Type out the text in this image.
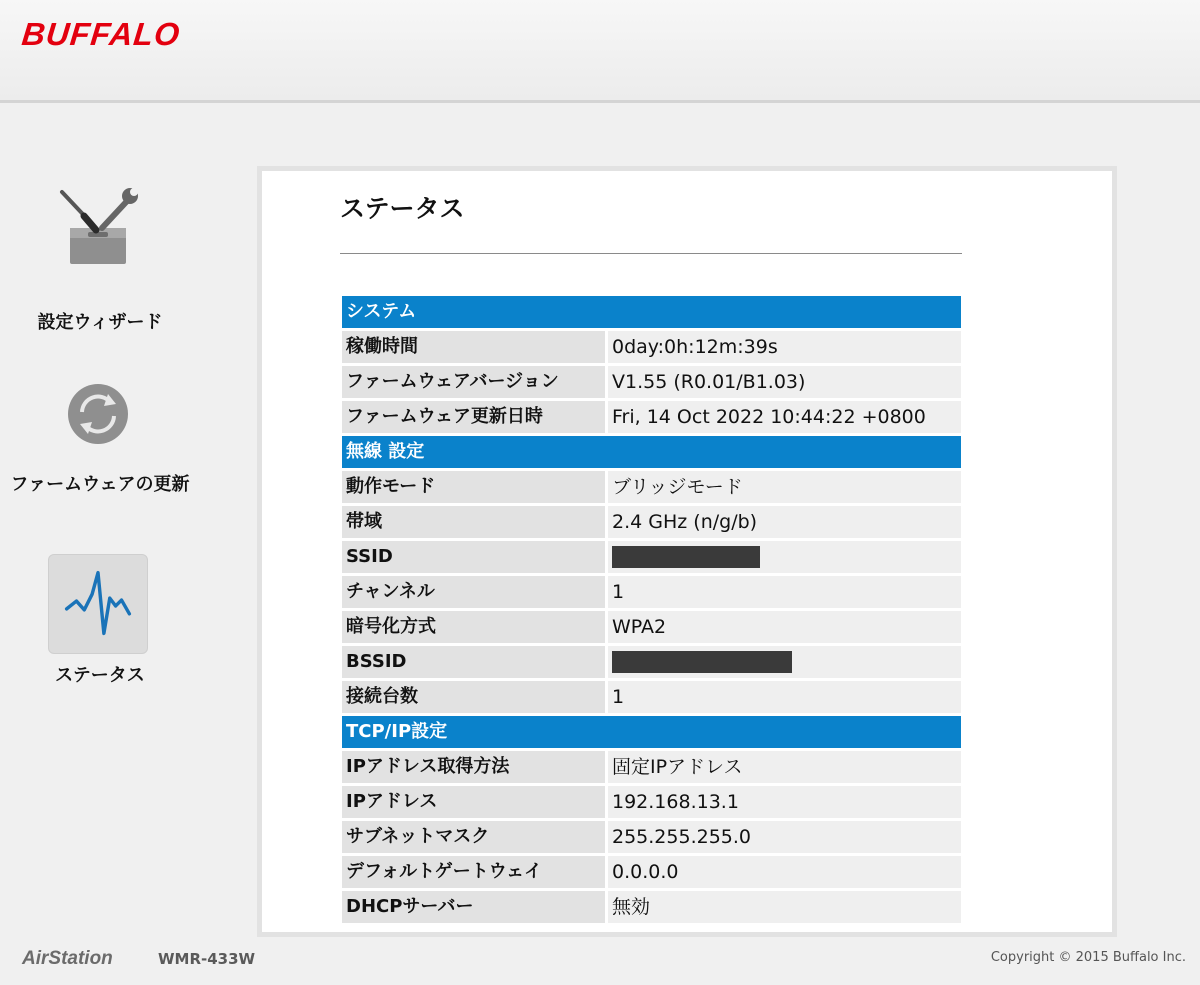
BUFFALO
設定ウィザード
ファームウェアの更新
ステータス
ステータス
システム
稼働時間	0day:0h:12m:39s
ファームウェアバージョン	V1.55 (R0.01/B1.03)
ファームウェア更新日時	Fri, 14 Oct 2022 10:44:22 +0800
無線 設定
動作モード	ブリッジモード
帯域	2.4 GHz (n/g/b)
SSID
チャンネル	1
暗号化方式	WPA2
BSSID
接続台数	1
TCP/IP設定
IPアドレス取得方法	固定IPアドレス
IPアドレス	192.168.13.1
サブネットマスク	255.255.255.0
デフォルトゲートウェイ	0.0.0.0
DHCPサーバー	無効
AirStation	WMR-433W	Copyright © 2015 Buffalo Inc.
